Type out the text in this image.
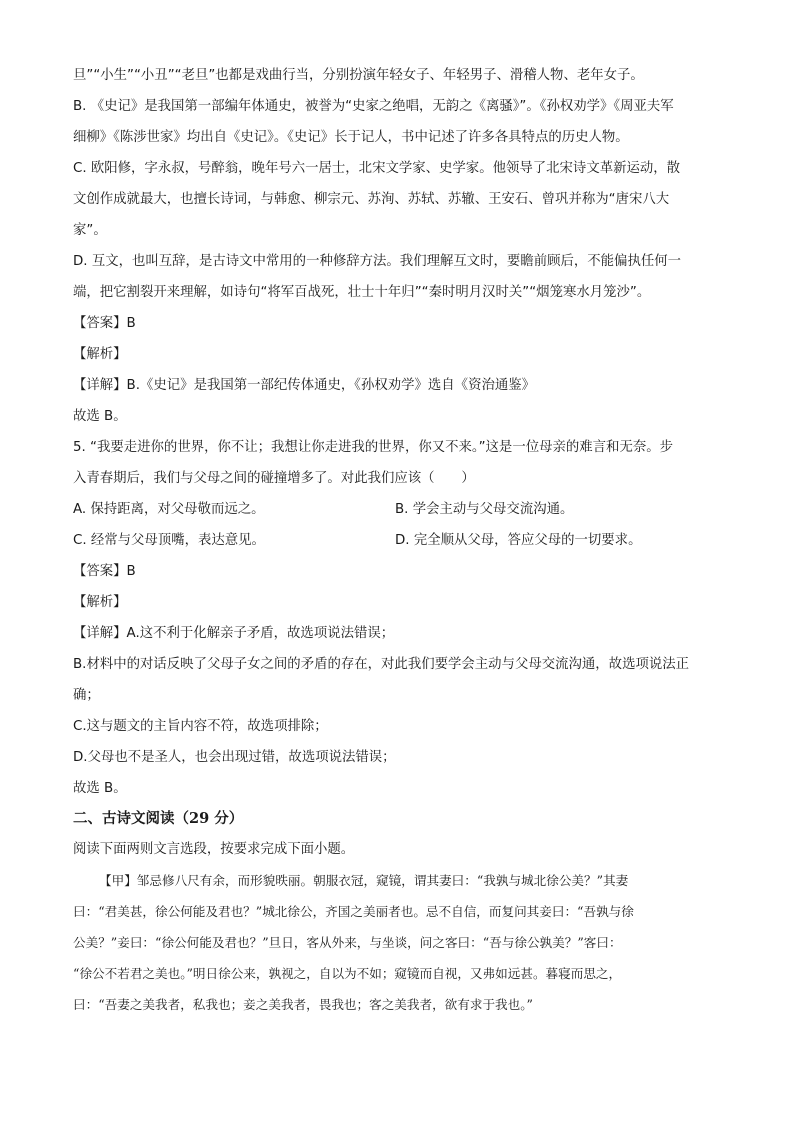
旦”“小生”“小丑”“老旦”也都是戏曲行当，分别扮演年轻女子、年轻男子、滑稽人物、老年女子。
B. 《史记》是我国第一部编年体通史，被誉为“史家之绝唱，无韵之《离骚》”。《孙权劝学》《周亚夫军
细柳》《陈涉世家》均出自《史记》。《史记》长于记人，书中记述了许多各具特点的历史人物。
C. 欧阳修，字永叔，号醉翁，晚年号六一居士，北宋文学家、史学家。他领导了北宋诗文革新运动，散
文创作成就最大，也擅长诗词，与韩愈、柳宗元、苏洵、苏轼、苏辙、王安石、曾巩并称为“唐宋八大
家”。
D. 互文，也叫互辞，是古诗文中常用的一种修辞方法。我们理解互文时，要瞻前顾后，不能偏执任何一
端，把它割裂开来理解，如诗句“将军百战死，壮士十年归”“秦时明月汉时关”“烟笼寒水月笼沙”。
【答案】B
【解析】
【详解】B.《史记》是我国第一部纪传体通史，《孙权劝学》选自《资治通鉴》
故选 B。
5. “我要走进你的世界，你不让；我想让你走进我的世界，你又不来。”这是一位母亲的难言和无奈。步
入青春期后，我们与父母之间的碰撞增多了。对此我们应该（　　）
A. 保持距离，对父母敬而远之。	B. 学会主动与父母交流沟通。
C. 经常与父母顶嘴，表达意见。	D. 完全顺从父母，答应父母的一切要求。
【答案】B
【解析】
【详解】A.这不利于化解亲子矛盾，故选项说法错误；
B.材料中的对话反映了父母子女之间的矛盾的存在，对此我们要学会主动与父母交流沟通，故选项说法正
确；
C.这与题文的主旨内容不符，故选项排除；
D.父母也不是圣人，也会出现过错，故选项说法错误；
故选 B。
二、古诗文阅读（29 分）
阅读下面两则文言选段，按要求完成下面小题。
【甲】邹忌修八尺有余，而形貌昳丽。朝服衣冠，窥镜，谓其妻曰：“我孰与城北徐公美？”其妻
曰：“君美甚，徐公何能及君也？”城北徐公，齐国之美丽者也。忌不自信，而复问其妾曰：“吾孰与徐
公美？”妾曰：“徐公何能及君也？”旦日，客从外来，与坐谈，问之客曰：“吾与徐公孰美？”客曰：
“徐公不若君之美也。”明日徐公来，孰视之，自以为不如；窥镜而自视，又弗如远甚。暮寝而思之，
曰：“吾妻之美我者，私我也；妾之美我者，畏我也；客之美我者，欲有求于我也。”
